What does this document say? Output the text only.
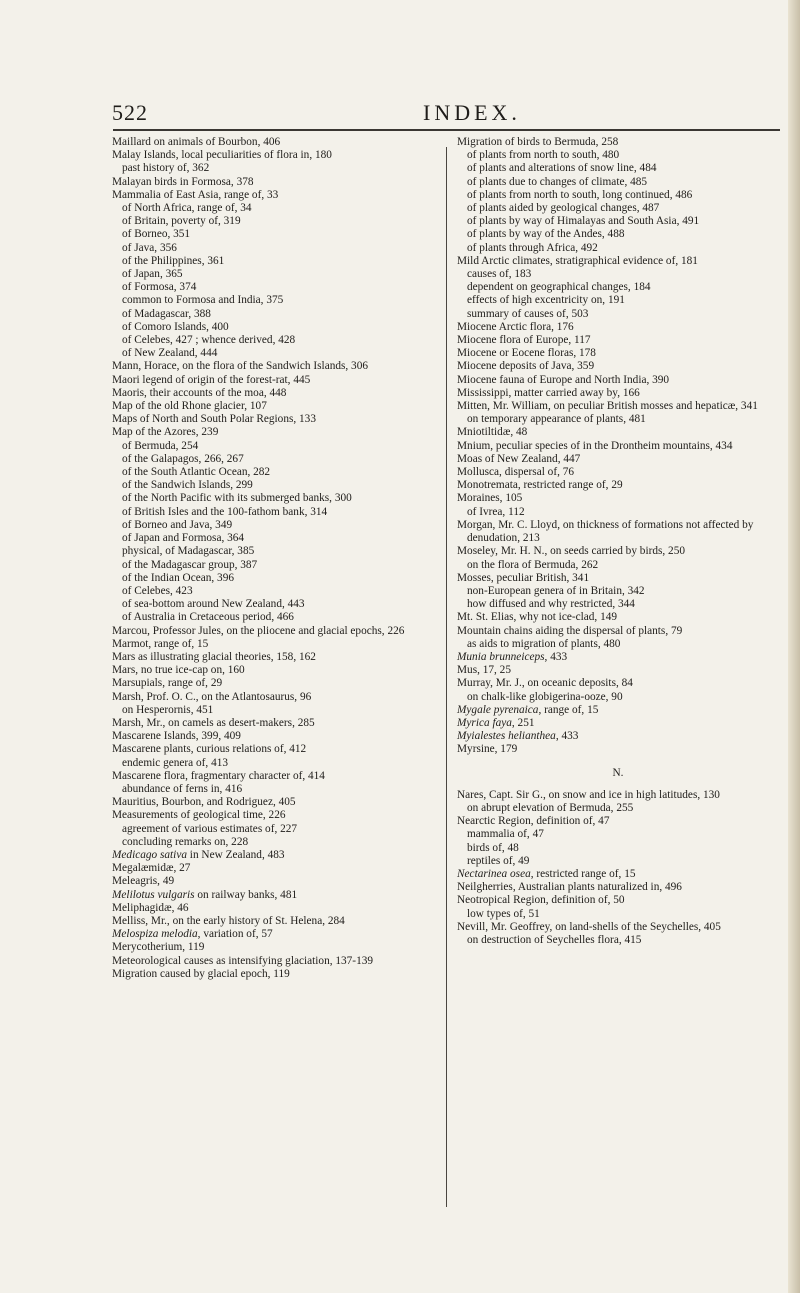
522	INDEX.

Maillard on animals of Bourbon, 406

Malay Islands, local peculiarities of flora in, 180

past history of, 362

Malayan birds in Formosa, 378

Mammalia of East Asia, range of, 33

of North Africa, range of, 34

of Britain, poverty of, 319

of Borneo, 351

of Java, 356

of the Philippines, 361

of Japan, 365

of Formosa, 374

common to Formosa and India, 375

of Madagascar, 388

of Comoro Islands, 400

of Celebes, 427 ; whence derived, 428

of New Zealand, 444

Mann, Horace, on the flora of the Sandwich Islands, 306

Maori legend of origin of the forest-rat, 445

Maoris, their accounts of the moa, 448

Map of the old Rhone glacier, 107

Maps of North and South Polar Regions, 133

Map of the Azores, 239

of Bermuda, 254

of the Galapagos, 266, 267

of the South Atlantic Ocean, 282

of the Sandwich Islands, 299

of the North Pacific with its submerged banks, 300

of British Isles and the 100-fathom bank, 314

of Borneo and Java, 349

of Japan and Formosa, 364

physical, of Madagascar, 385

of the Madagascar group, 387

of the Indian Ocean, 396

of Celebes, 423

of sea-bottom around New Zealand, 443

of Australia in Cretaceous period, 466

Marcou, Professor Jules, on the pliocene and glacial epochs, 226

Marmot, range of, 15

Mars as illustrating glacial theories, 158, 162

Mars, no true ice-cap on, 160

Marsupials, range of, 29

Marsh, Prof. O. C., on the Atlantosaurus, 96

on Hesperornis, 451

Marsh, Mr., on camels as desert-makers, 285

Mascarene Islands, 399, 409

Mascarene plants, curious relations of, 412

endemic genera of, 413

Mascarene flora, fragmentary character of, 414

abundance of ferns in, 416

Mauritius, Bourbon, and Rodriguez, 405

Measurements of geological time, 226

agreement of various estimates of, 227

concluding remarks on, 228

Medicago sativa in New Zealand, 483

Megalæmidæ, 27

Meleagris, 49

Melilotus vulgaris on railway banks, 481

Meliphagidæ, 46

Melliss, Mr., on the early history of St. Helena, 284

Melospiza melodia, variation of, 57

Merycotherium, 119

Meteorological causes as intensifying glaciation, 137-139

Migration caused by glacial epoch, 119

Migration of birds to Bermuda, 258

of plants from north to south, 480

of plants and alterations of snow line, 484

of plants due to changes of climate, 485

of plants from north to south, long continued, 486

of plants aided by geological changes, 487

of plants by way of Himalayas and South Asia, 491

of plants by way of the Andes, 488

of plants through Africa, 492

Mild Arctic climates, stratigraphical evidence of, 181

causes of, 183

dependent on geographical changes, 184

effects of high excentricity on, 191

summary of causes of, 503

Miocene Arctic flora, 176

Miocene flora of Europe, 117

Miocene or Eocene floras, 178

Miocene deposits of Java, 359

Miocene fauna of Europe and North India, 390

Mississippi, matter carried away by, 166

Mitten, Mr. William, on peculiar British mosses and hepaticæ, 341

on temporary appearance of plants, 481

Mniotiltidæ, 48

Mnium, peculiar species of in the Drontheim mountains, 434

Moas of New Zealand, 447

Mollusca, dispersal of, 76

Monotremata, restricted range of, 29

Moraines, 105

of Ivrea, 112

Morgan, Mr. C. Lloyd, on thickness of formations not affected by denudation, 213

Moseley, Mr. H. N., on seeds carried by birds, 250

on the flora of Bermuda, 262

Mosses, peculiar British, 341

non-European genera of in Britain, 342

how diffused and why restricted, 344

Mt. St. Elias, why not ice-clad, 149

Mountain chains aiding the dispersal of plants, 79

as aids to migration of plants, 480

Munia brunneiceps, 433

Mus, 17, 25

Murray, Mr. J., on oceanic deposits, 84

on chalk-like globigerina-ooze, 90

Mygale pyrenaica, range of, 15

Myrica faya, 251

Myialestes helianthea, 433

Myrsine, 179

N.

Nares, Capt. Sir G., on snow and ice in high latitudes, 130

on abrupt elevation of Bermuda, 255

Nearctic Region, definition of, 47

mammalia of, 47

birds of, 48

reptiles of, 49

Nectarinea osea, restricted range of, 15

Neilgherries, Australian plants naturalized in, 496

Neotropical Region, definition of, 50

low types of, 51

Nevill, Mr. Geoffrey, on land-shells of the Seychelles, 405

on destruction of Seychelles flora, 415
